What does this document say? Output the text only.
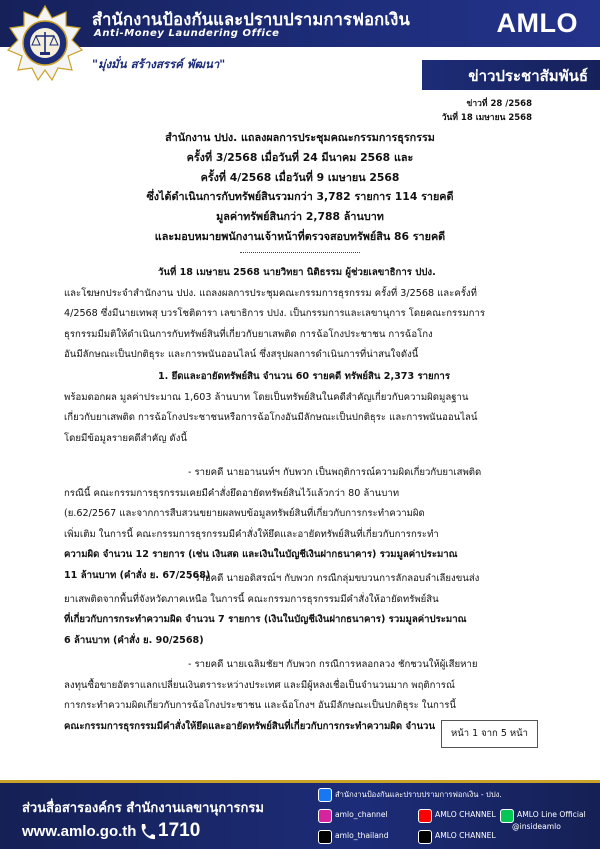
สำนักงานป้องกันและปราบปรามการฟอกเงิน
Anti-Money Laundering Office	AMLO
"มุ่งมั่น สร้างสรรค์ พัฒนา"
ข่าวประชาสัมพันธ์
ข่าวที่ 28 /2568
วันที่ 18 เมษายน 2568
สำนักงาน ปปง. แถลงผลการประชุมคณะกรรมการธุรกรรม
ครั้งที่ 3/2568 เมื่อวันที่ 24 มีนาคม 2568 และ
ครั้งที่ 4/2568 เมื่อวันที่ 9 เมษายน 2568
ซึ่งได้ดำเนินการกับทรัพย์สินรวมกว่า 3,782 รายการ 114 รายคดี
มูลค่าทรัพย์สินกว่า 2,788 ล้านบาท
และมอบหมายพนักงานเจ้าหน้าที่ตรวจสอบทรัพย์สิน 86 รายคดี
วันที่ 18 เมษายน 2568 นายวิทยา นิติธรรม ผู้ช่วยเลขาธิการ ปปง.
และโฆษกประจำสำนักงาน ปปง. แถลงผลการประชุมคณะกรรมการธุรกรรม ครั้งที่ 3/2568 และครั้งที่
4/2568 ซึ่งมีนายเทพสุ บวรโชติดารา เลขาธิการ ปปง. เป็นกรรมการและเลขานุการ โดยคณะกรรมการ
ธุรกรรมมีมติให้ดำเนินการกับทรัพย์สินที่เกี่ยวกับยาเสพติด การฉ้อโกงประชาชน การฉ้อโกง
อันมีลักษณะเป็นปกติธุระ และการพนันออนไลน์ ซึ่งสรุปผลการดำเนินการที่น่าสนใจดังนี้
1. ยึดและอายัดทรัพย์สิน จำนวน 60 รายคดี ทรัพย์สิน 2,373 รายการ
พร้อมดอกผล มูลค่าประมาณ 1,603 ล้านบาท โดยเป็นทรัพย์สินในคดีสำคัญเกี่ยวกับความผิดมูลฐาน
เกี่ยวกับยาเสพติด การฉ้อโกงประชาชนหรือการฉ้อโกงอันมีลักษณะเป็นปกติธุระ และการพนันออนไลน์
โดยมีข้อมูลรายคดีสำคัญ ดังนี้
- รายคดี นายอานนท์ฯ กับพวก เป็นพฤติการณ์ความผิดเกี่ยวกับยาเสพติด
กรณีนี้ คณะกรรมการธุรกรรมเคยมีคำสั่งยึดอายัดทรัพย์สินไว้แล้วกว่า 80 ล้านบาท
(ย.62/2567 และจากการสืบสวนขยายผลพบข้อมูลทรัพย์สินที่เกี่ยวกับการกระทำความผิด
เพิ่มเติม ในการนี้ คณะกรรมการธุรกรรมมีคำสั่งให้ยึดและอายัดทรัพย์สินที่เกี่ยวกับการกระทำ
ความผิด จำนวน 12 รายการ (เช่น เงินสด และเงินในบัญชีเงินฝากธนาคาร) รวมมูลค่าประมาณ
11 ล้านบาท (คำสั่ง ย. 67/2568)
- รายคดี นายอดิสรณ์ฯ กับพวก กรณีกลุ่มขบวนการลักลอบลำเลียงขนส่ง
ยาเสพติดจากพื้นที่จังหวัดภาคเหนือ ในการนี้ คณะกรรมการธุรกรรมมีคำสั่งให้อายัดทรัพย์สิน
ที่เกี่ยวกับการกระทำความผิด จำนวน 7 รายการ (เงินในบัญชีเงินฝากธนาคาร) รวมมูลค่าประมาณ
6 ล้านบาท (คำสั่ง ย. 90/2568)
- รายคดี นายเฉลิมชัยฯ กับพวก กรณีการหลอกลวง ชักชวนให้ผู้เสียหาย
ลงทุนซื้อขายอัตราแลกเปลี่ยนเงินตราระหว่างประเทศ และมีผู้หลงเชื่อเป็นจำนวนมาก พฤติการณ์
การกระทำความผิดเกี่ยวกับการฉ้อโกงประชาชน และฉ้อโกงฯ อันมีลักษณะเป็นปกติธุระ ในการนี้
คณะกรรมการธุรกรรมมีคำสั่งให้ยึดและอายัดทรัพย์สินที่เกี่ยวกับการกระทำความผิด จำนวน
หน้า 1 จาก 5 หน้า
ส่วนสื่อสารองค์กร สำนักงานเลขานุการกรม
www.amlo.go.th 1710
สำนักงานป้องกันและปราบปรามการฟอกเงิน - ปปง.
amlo_channel	AMLO CHANNEL	AMLO Line Official
@insideamlo
amlo_thailand	AMLO CHANNEL
